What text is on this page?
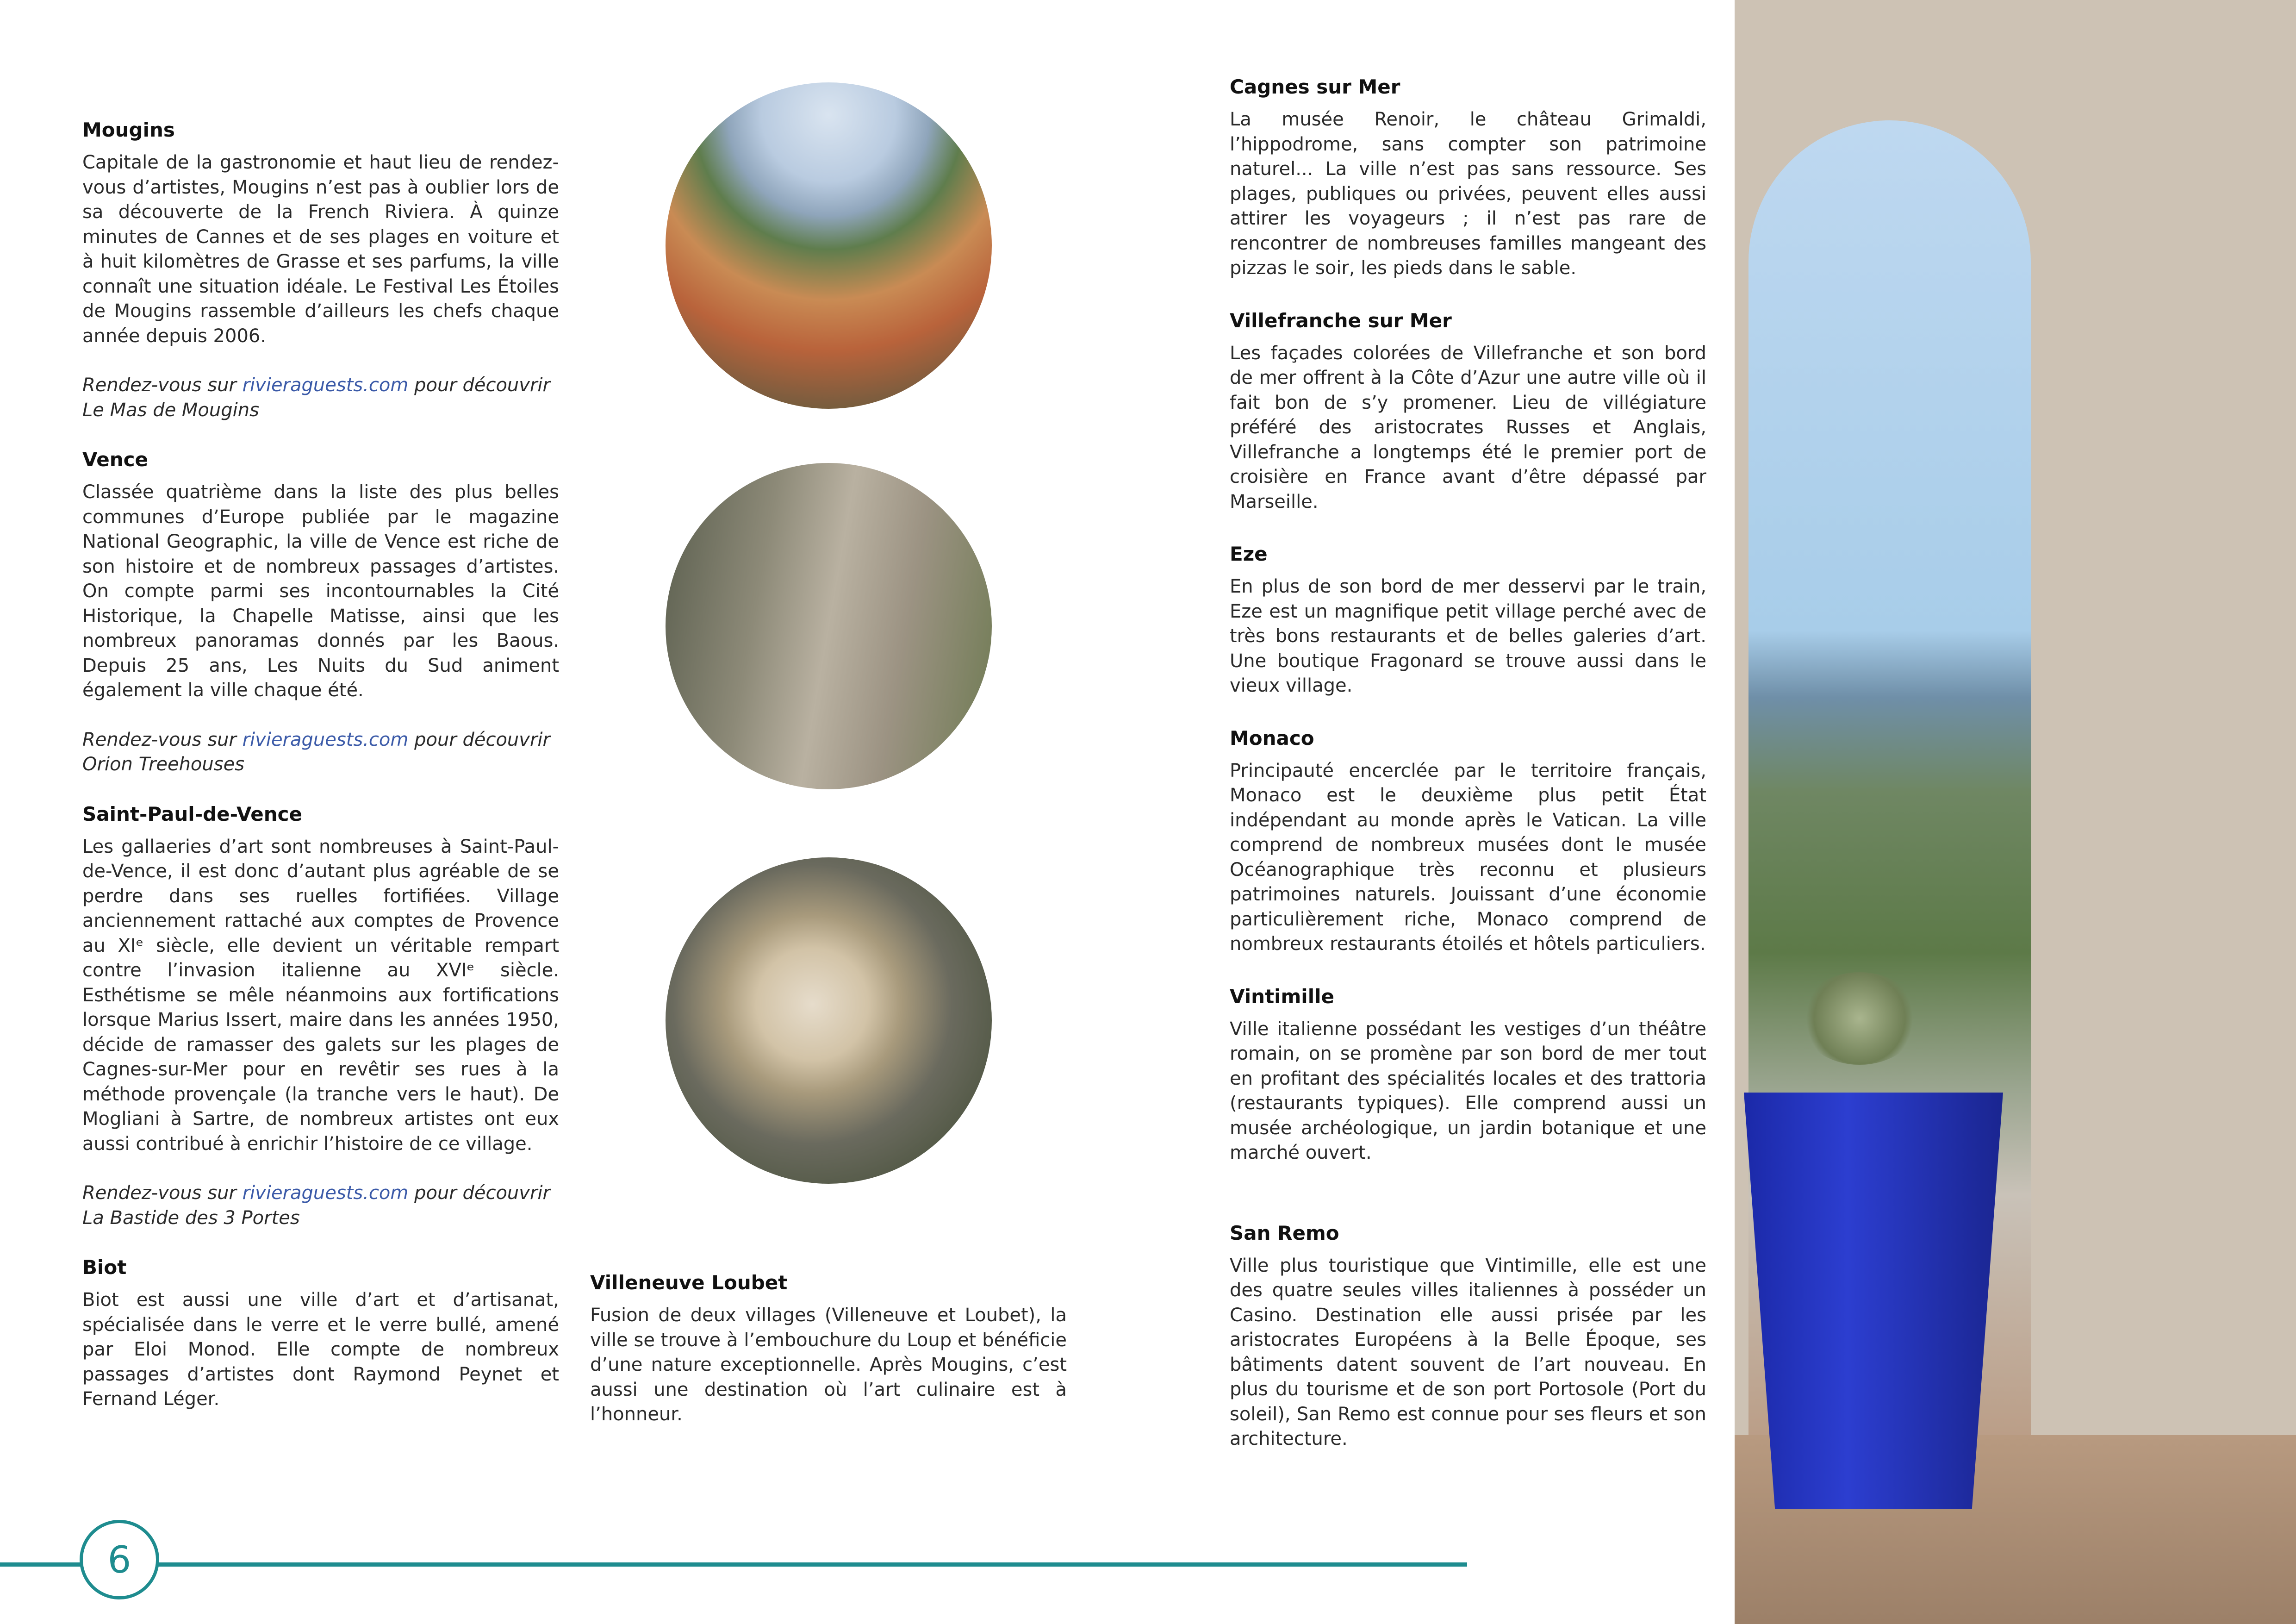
Mougins

Capitale de la gastronomie et haut lieu de rendez-vous d’artistes, Mougins n’est pas à oublier lors de sa découverte de la French Riviera. À quinze minutes de Cannes et de ses plages en voiture et à huit kilomètres de Grasse et ses parfums, la ville connaît une situation idéale. Le Festival Les Étoiles de Mougins rassemble d’ailleurs les chefs chaque année depuis 2006.

Rendez-vous sur rivieraguests.com pour découvrir Le Mas de Mougins

Vence

Classée quatrième dans la liste des plus belles communes d’Europe publiée par le magazine National Geographic, la ville de Vence est riche de son histoire et de nombreux passages d’artistes. On compte parmi ses incontournables la Cité Historique, la Chapelle Matisse, ainsi que les nombreux panoramas donnés par les Baous. Depuis 25 ans, Les Nuits du Sud animent également la ville chaque été.

Rendez-vous sur rivieraguests.com pour découvrir Orion Treehouses

Saint-Paul-de-Vence

Les gallaeries d’art sont nombreuses à Saint-Paul-de-Vence, il est donc d’autant plus agréable de se perdre dans ses ruelles fortifiées. Village anciennement rattaché aux comptes de Provence au XIᵉ siècle, elle devient un véritable rempart contre l’invasion italienne au XVIᵉ siècle. Esthétisme se mêle néanmoins aux fortifications lorsque Marius Issert, maire dans les années 1950, décide de ramasser des galets sur les plages de Cagnes-sur-Mer pour en revêtir ses rues à la méthode provençale (la tranche vers le haut). De Mogliani à Sartre, de nombreux artistes ont eux aussi contribué à enrichir l’histoire de ce village.

Rendez-vous sur rivieraguests.com pour découvrir La Bastide des 3 Portes

Biot

Biot est aussi une ville d’art et d’artisanat, spécialisée dans le verre et le verre bullé, amené par Eloi Monod. Elle compte de nombreux passages d’artistes dont Raymond Peynet et Fernand Léger.

Villeneuve Loubet

Fusion de deux villages (Villeneuve et Loubet), la ville se trouve à l’embouchure du Loup et bénéficie d’une nature exceptionnelle. Après Mougins, c’est aussi une destination où l’art culinaire est à l’honneur.

Cagnes sur Mer

La musée Renoir, le château Grimaldi, l’hippodrome, sans compter son patrimoine naturel... La ville n’est pas sans ressource. Ses plages, publiques ou privées, peuvent elles aussi attirer les voyageurs ; il n’est pas rare de rencontrer de nombreuses familles mangeant des pizzas le soir, les pieds dans le sable.

Villefranche sur Mer

Les façades colorées de Villefranche et son bord de mer offrent à la Côte d’Azur une autre ville où il fait bon de s’y promener. Lieu de villégiature préféré des aristocrates Russes et Anglais, Villefranche a longtemps été le premier port de croisière en France avant d’être dépassé par Marseille.

Eze

En plus de son bord de mer desservi par le train, Eze est un magnifique petit village perché avec de très bons restaurants et de belles galeries d’art. Une boutique Fragonard se trouve aussi dans le vieux village.

Monaco

Principauté encerclée par le territoire français, Monaco est le deuxième plus petit État indépendant au monde après le Vatican. La ville comprend de nombreux musées dont le musée Océanographique très reconnu et plusieurs patrimoines naturels. Jouissant d’une économie particulièrement riche, Monaco comprend de nombreux restaurants étoilés et hôtels particuliers.

Vintimille

Ville italienne possédant les vestiges d’un théâtre romain, on se promène par son bord de mer tout en profitant des spécialités locales et des trattoria (restaurants typiques). Elle comprend aussi un musée archéologique, un jardin botanique et une marché ouvert.

San Remo

Ville plus touristique que Vintimille, elle est une des quatre seules villes italiennes à posséder un Casino. Destination elle aussi prisée par les aristocrates Européens à la Belle Époque, ses bâtiments datent souvent de l’art nouveau. En plus du tourisme et de son port Portosole (Port du soleil), San Remo est connue pour ses fleurs et son architecture.

6
